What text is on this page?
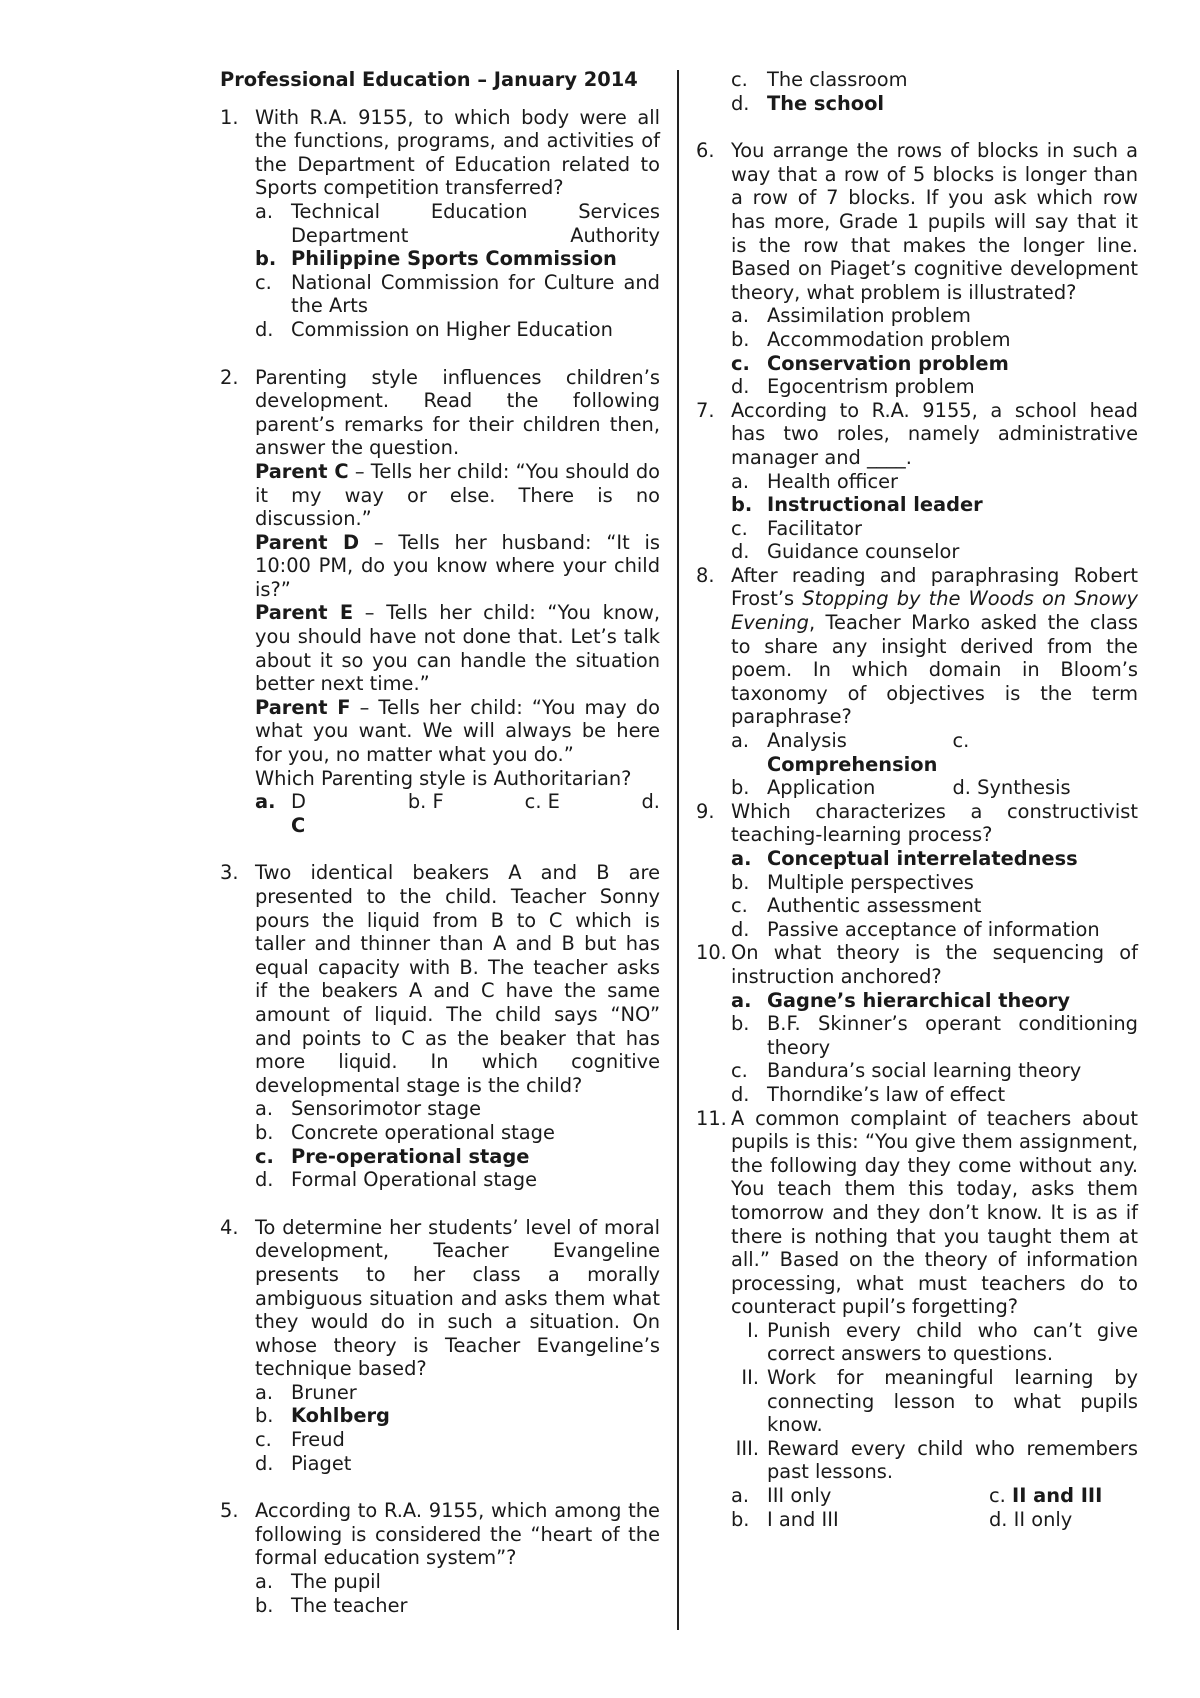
Professional Education – January 2014
1. With R.A. 9155, to which body were all the functions, programs, and activities of the Department of Education related to Sports competition transferred?
a. Technical Education Services Department Authority
b. Philippine Sports Commission
c. National Commission for Culture and the Arts
d. Commission on Higher Education
2. Parenting style influences children’s development. Read the following parent’s remarks for their children then, answer the question.
Parent C – Tells her child: “You should do it my way or else. There is no discussion.”
Parent D – Tells her husband: “It is 10:00 PM, do you know where your child is?”
Parent E – Tells her child: “You know, you should have not done that. Let’s talk about it so you can handle the situation better next time.”
Parent F – Tells her child: “You may do what you want. We will always be here for you, no matter what you do.”
Which Parenting style is Authoritarian?
a. D	b. F	c. E	d.
C
3. Two identical beakers A and B are presented to the child. Teacher Sonny pours the liquid from B to C which is taller and thinner than A and B but has equal capacity with B. The teacher asks if the beakers A and C have the same amount of liquid. The child says “NO” and points to C as the beaker that has more liquid. In which cognitive developmental stage is the child?
a. Sensorimotor stage
b. Concrete operational stage
c. Pre-operational stage
d. Formal Operational stage
4. To determine her students’ level of moral development, Teacher Evangeline presents to her class a morally ambiguous situation and asks them what they would do in such a situation. On whose theory is Teacher Evangeline’s technique based?
a. Bruner
b. Kohlberg
c. Freud
d. Piaget
5. According to R.A. 9155, which among the following is considered the “heart of the formal education system”?
a. The pupil
b. The teacher
c. The classroom
d. The school
6. You arrange the rows of blocks in such a way that a row of 5 blocks is longer than a row of 7 blocks. If you ask which row has more, Grade 1 pupils will say that it is the row that makes the longer line. Based on Piaget’s cognitive development theory, what problem is illustrated?
a. Assimilation problem
b. Accommodation problem
c. Conservation problem
d. Egocentrism problem
7. According to R.A. 9155, a school head has two roles, namely administrative manager and ____.
a. Health officer
b. Instructional leader
c. Facilitator
d. Guidance counselor
8. After reading and paraphrasing Robert Frost’s Stopping by the Woods on Snowy Evening, Teacher Marko asked the class to share any insight derived from the poem. In which domain in Bloom’s taxonomy of objectives is the term paraphrase?
a. Analysis	c.
Comprehension
b. Application	d. Synthesis
9. Which characterizes a constructivist teaching-learning process?
a. Conceptual interrelatedness
b. Multiple perspectives
c. Authentic assessment
d. Passive acceptance of information
10. On what theory is the sequencing of instruction anchored?
a. Gagne’s hierarchical theory
b. B.F. Skinner’s operant conditioning theory
c. Bandura’s social learning theory
d. Thorndike’s law of effect
11. A common complaint of teachers about pupils is this: “You give them assignment, the following day they come without any. You teach them this today, asks them tomorrow and they don’t know. It is as if there is nothing that you taught them at all.” Based on the theory of information processing, what must teachers do to counteract pupil’s forgetting?
I. Punish every child who can’t give correct answers to questions.
II. Work for meaningful learning by connecting lesson to what pupils know.
III. Reward every child who remembers past lessons.
a. III only	c. II and III
b. I and III	d. II only
